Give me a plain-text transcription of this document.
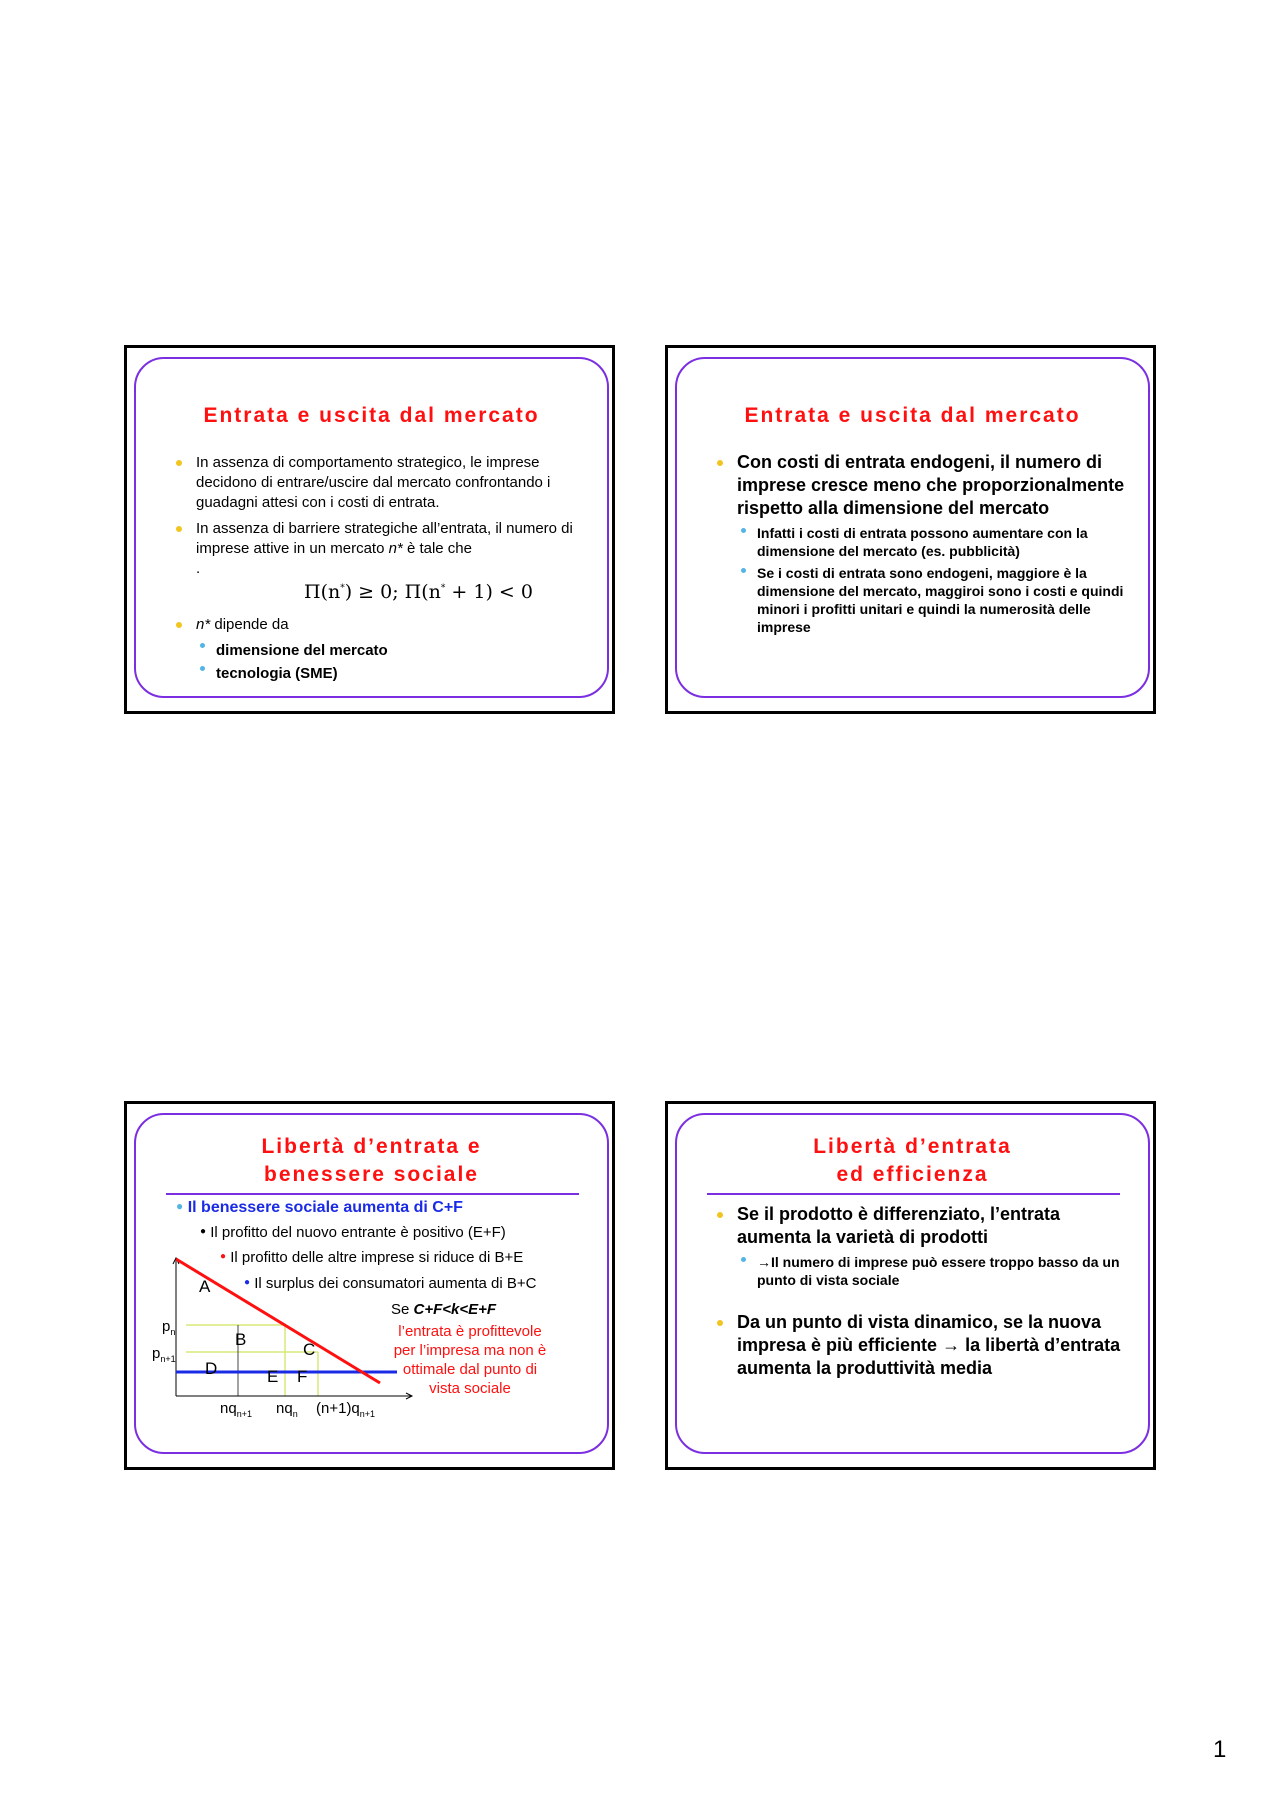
Entrata e uscita dal mercato
In assenza di comportamento strategico, le imprese decidono di entrare/uscire dal mercato confrontando i guadagni attesi con i costi di entrata.
In assenza di barriere strategiche all’entrata, il numero di imprese attive in un mercato n* è tale che
.
n* dipende da
dimensione del mercato
tecnologia (SME)
Π(n*) ≥ 0; Π(n* + 1) < 0
Entrata e uscita dal mercato
Con costi di entrata endogeni, il numero di imprese cresce meno che proporzionalmente rispetto alla dimensione del mercato
Infatti i costi di entrata possono aumentare con la dimensione del mercato (es. pubblicità)
Se i costi di entrata sono endogeni, maggiore è la dimensione del mercato, maggiroi sono i costi e quindi minori i profitti unitari e quindi la numerosità delle imprese
Libertà d’entrata e
benessere sociale
● Il benessere sociale aumenta di C+F
● Il profitto del nuovo entrante è positivo (E+F)
● Il profitto delle altre imprese si riduce di B+E
● Il surplus dei consumatori aumenta di B+C
A
B
C
D	E F
$p_n$
$p_{n+1}$
$nq_{n+1}$ $nq_n$ $(n+1)q_{n+1}$
Se C+F<k<E+F
l’entrata è profittevole
per l’impresa ma non è
ottimale dal punto di
vista sociale
Libertà d’entrata
ed efficienza
Se il prodotto è differenziato, l’entrata aumenta la varietà di prodotti
→Il numero di imprese può essere troppo basso da un punto di vista sociale
Da un punto di vista dinamico, se la nuova impresa è più efficiente → la libertà d’entrata aumenta la produttività media
1
